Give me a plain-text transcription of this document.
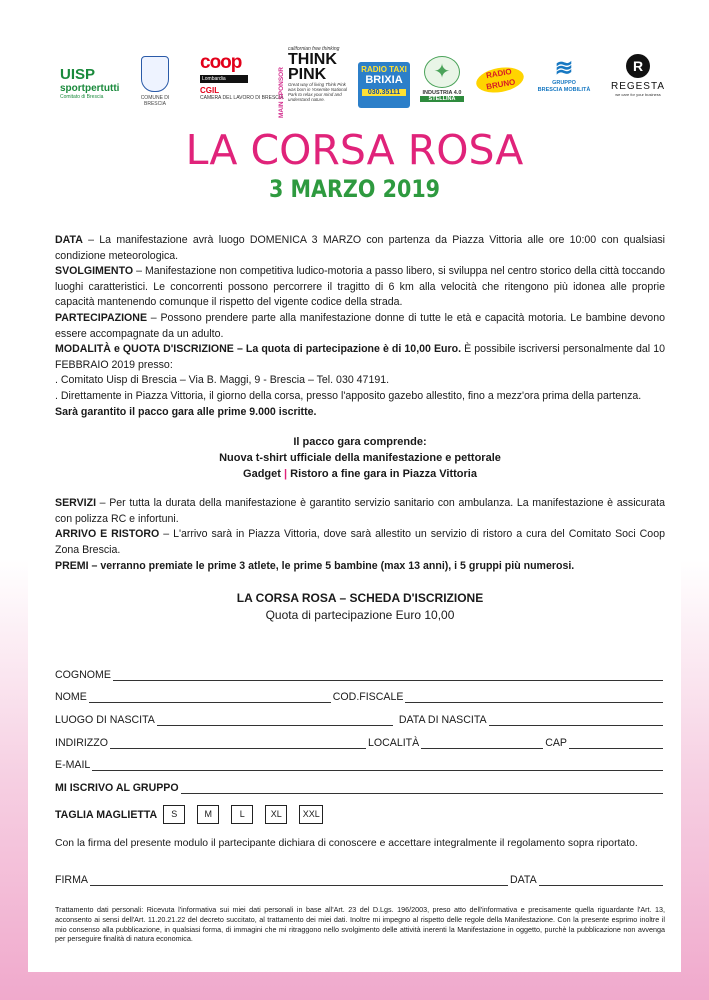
UISP
sportpertutti
Comitato di Brescia	COMUNE DI BRESCIA
coop
Lombardia
CGIL
CAMERA DEL LAVORO DI BRESCIA
MAIN SPONSOR
californian free thinking
THINK
PINK
Great way of living Think Pink was born in Yosemite National Park to relax your mind and understand nature.
RADIO TAXI
BRIXIA
030.35111
✦
INDUSTRIA 4.0
STELLINA
RADIO BRUNO
≋
GRUPPO
BRESCIA MOBILITÀ
R
REGESTA
we care for your business
LA CORSA ROSA
3 MARZO 2019

DATA – La manifestazione avrà luogo DOMENICA 3 MARZO con partenza da Piazza Vittoria alle ore 10:00 con qualsiasi condizione meteorologica.

SVOLGIMENTO – Manifestazione non competitiva ludico-motoria a passo libero, si sviluppa nel centro storico della città toccando luoghi caratteristici. Le concorrenti possono percorrere il tragitto di 6 km alla velocità che ritengono più idonea alle proprie capacità mantenendo comunque il rispetto del vigente codice della strada.

PARTECIPAZIONE – Possono prendere parte alla manifestazione donne di tutte le età e capacità motoria. Le bambine devono essere accompagnate da un adulto.

MODALITÀ e QUOTA D'ISCRIZIONE – La quota di partecipazione è di 10,00 Euro. È possibile iscriversi personalmente dal 10 FEBBRAIO 2019 presso:

. Comitato Uisp di Brescia – Via B. Maggi, 9 - Brescia – Tel. 030 47191.

. Direttamente in Piazza Vittoria, il giorno della corsa, presso l'apposito gazebo allestito, fino a mezz'ora prima della partenza.

Sarà garantito il pacco gara alle prime 9.000 iscritte.

Il pacco gara comprende:

Nuova t-shirt ufficiale della manifestazione e pettorale

Gadget | Ristoro a fine gara in Piazza Vittoria

SERVIZI – Per tutta la durata della manifestazione è garantito servizio sanitario con ambulanza. La manifestazione è assicurata con polizza RC e infortuni.

ARRIVO E RISTORO – L'arrivo sarà in Piazza Vittoria, dove sarà allestito un servizio di ristoro a cura del Comitato Soci Coop Zona Brescia.

PREMI – verranno premiate le prime 3 atlete, le prime 5 bambine (max 13 anni), i 5 gruppi più numerosi.

LA CORSA ROSA – SCHEDA D'ISCRIZIONE

Quota di partecipazione Euro 10,00

COGNOME
NOME	COD.FISCALE
LUOGO DI NASCITA	DATA DI NASCITA
INDIRIZZO	LOCALITÀ	CAP
E-MAIL
MI ISCRIVO AL GRUPPO
TAGLIA MAGLIETTA	S	M	L	XL	XXL
Con la firma del presente modulo il partecipante dichiara di conoscere e accettare integralmente il regolamento sopra riportato.
FIRMA	DATA
Trattamento dati personali: Ricevuta l'informativa sui miei dati personali in base all'Art. 23 del D.Lgs. 196/2003, preso atto dell'informativa e precisamente quella riguardante l'Art. 13, acconsento ai sensi dell'Art. 11.20.21.22 del decreto succitato, al trattamento dei miei dati. Inoltre mi impegno al rispetto delle regole della Manifestazione. Con la presente esprimo inoltre il mio consenso alla pubblicazione, in qualsiasi forma, di immagini che mi ritraggono nello svolgimento delle attività inerenti la Manifestazione in oggetto, purchè la pubblicazione non avvenga per perseguire finalità di natura economica.
